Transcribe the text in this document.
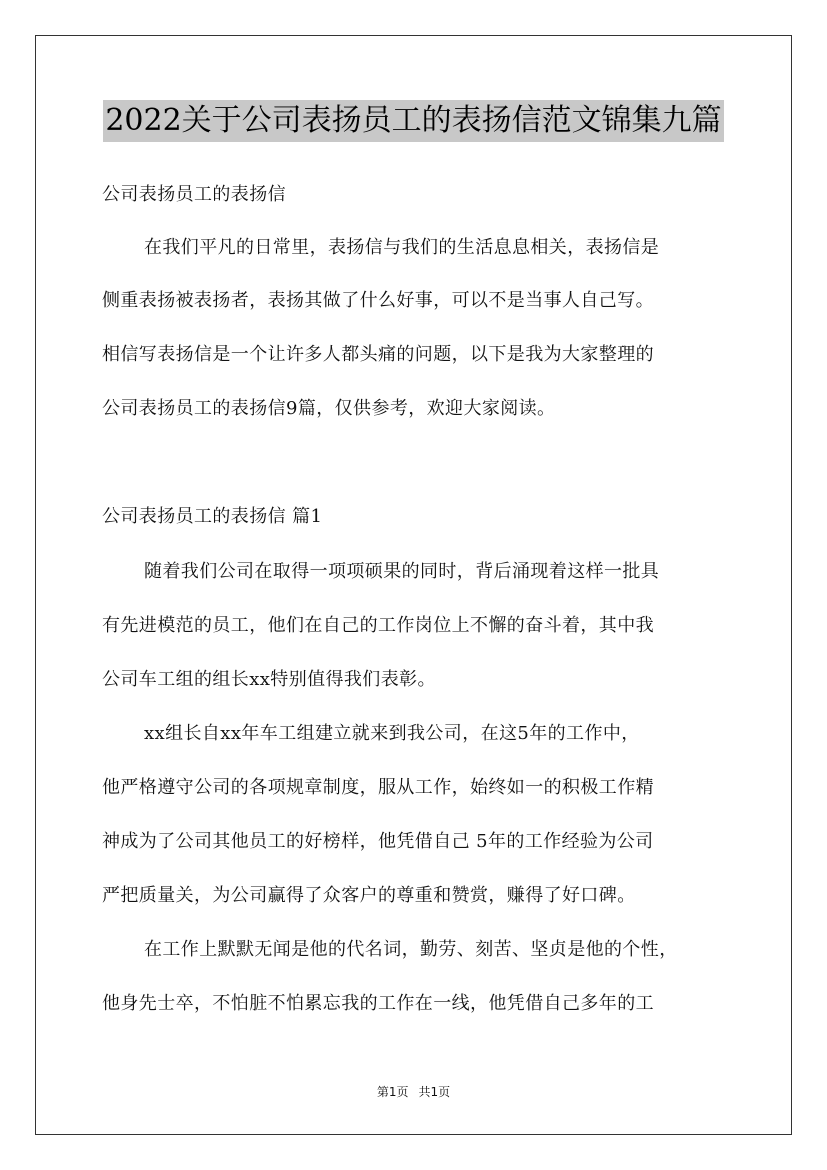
2022关于公司表扬员工的表扬信范文锦集九篇
公司表扬员工的表扬信
在我们平凡的日常里，表扬信与我们的生活息息相关，表扬信是
侧重表扬被表扬者，表扬其做了什么好事，可以不是当事人自己写。
相信写表扬信是一个让许多人都头痛的问题，以下是我为大家整理的
公司表扬员工的表扬信9篇，仅供参考，欢迎大家阅读。
公司表扬员工的表扬信 篇1
随着我们公司在取得一项项硕果的同时，背后涌现着这样一批具
有先进模范的员工，他们在自己的工作岗位上不懈的奋斗着，其中我
公司车工组的组长xx特别值得我们表彰。
xx组长自xx年车工组建立就来到我公司，在这5年的工作中，
他严格遵守公司的各项规章制度，服从工作，始终如一的积极工作精
神成为了公司其他员工的好榜样，他凭借自己 5年的工作经验为公司
严把质量关，为公司赢得了众客户的尊重和赞赏，赚得了好口碑。
在工作上默默无闻是他的代名词，勤劳、刻苦、坚贞是他的个性，
他身先士卒，不怕脏不怕累忘我的工作在一线，他凭借自己多年的工
第1页 共1页
